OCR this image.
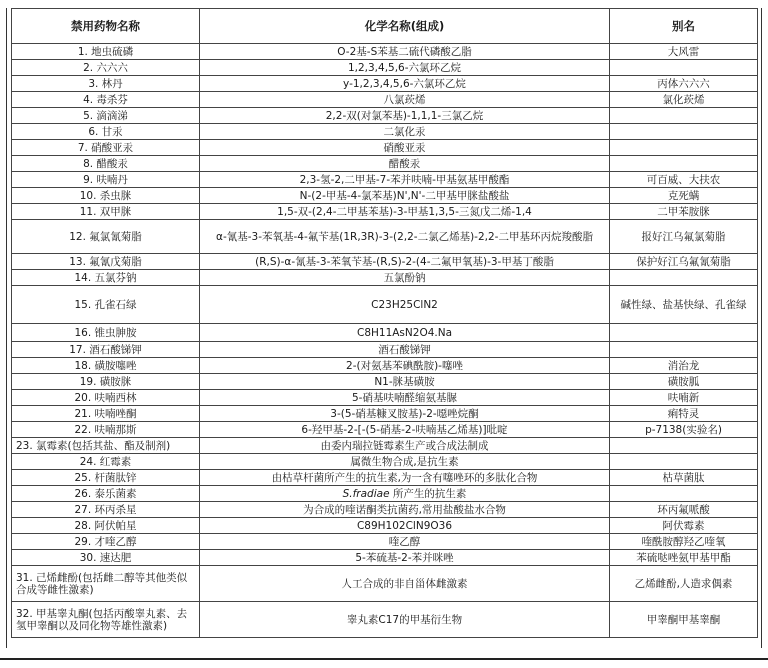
禁用药物名称	化学名称(组成)	别名
1. 地虫硫磷	O-2基-S苯基二硫代磷酸乙脂	大风雷
2. 六六六	1,2,3,4,5,6-六氯环乙烷	
3. 林丹	y-1,2,3,4,5,6-六氯环乙烷	丙体六六六
4. 毒杀芬	八氯莰烯	氯化莰烯
5. 滴滴涕	2,2-双(对氯苯基)-1,1,1-三氯乙烷	
6. 甘汞	二氯化汞	
7. 硝酸亚汞	硝酸亚汞	
8. 醋酸汞	醋酸汞	
9. 呋喃丹	2,3-氢-2,二甲基-7-苯并呋喃-甲基氨基甲酸酯	可百威、大扶农
10. 杀虫脒	N-(2-甲基-4-氯苯基)N',N'-二甲基甲脒盐酸盐	克死螨
11. 双甲脒	1,5-双-(2,4-二甲基苯基)-3-甲基1,3,5-三氮戊二烯-1,4	二甲苯胺脒
12. 氟氯氰菊脂	α-氰基-3-苯氧基-4-氟苄基(1R,3R)-3-(2,2-二氯乙烯基)-2,2-二甲基环丙烷羧酸脂	报好江乌氟氯菊脂
13. 氟氰戊菊脂	(R,S)-α-氰基-3-苯氧苄基-(R,S)-2-(4-二氟甲氧基)-3-甲基丁酸脂	保护好江乌氟氰菊脂
14. 五氯芬钠	五氯酚钠	
15. 孔雀石绿	C23H25ClN2	碱性绿、盐基快绿、孔雀绿
16. 锥虫胂胺	C8H11AsN2O4.Na	
17. 酒石酸锑钾	酒石酸锑钾	
18. 磺胺噻唑	2-(对氨基苯碘酰胺)-噻唑	消治龙
19. 磺胺脒	N1-脒基磺胺	磺胺胍
20. 呋喃西林	5-硝基呋喃醛缩氨基脲	呋喃新
21. 呋喃唑酮	3-(5-硝基糠叉胺基)-2-噁唑烷酮	痢特灵
22. 呋喃那斯	6-羟甲基-2-[-(5-硝基-2-呋喃基乙烯基)]吡啶	p-7138(实验名)
23. 氯霉素(包括其盐、酯及制剂)	由委内瑞拉链霉素生产或合成法制成	
24. 红霉素	属微生物合成,是抗生素	
25. 杆菌肽锌	由枯草杆菌所产生的抗生素,为一含有噻唑环的多肽化合物	枯草菌肽
26. 泰乐菌素	S.fradiae 所产生的抗生素	
27. 环丙杀星	为合成的喹诺酮类抗菌药,常用盐酸盐水合物	环丙氟哌酸
28. 阿伏帕星	C89H102ClN9O36	阿伏霉素
29. 才喹乙醇	喹乙醇	喹酰胺醇羟乙喹氧
30. 速达肥	5-苯硫基-2-苯并咪唑	苯硫哒唑氨甲基甲酯
31. 己烯雌酚(包括雌二醇等其他类似合成等雌性激素)	人工合成的非自甾体雌激素	乙烯雌酚,人造求偶素
32. 甲基睾丸酮(包括丙酸睾丸素、去氢甲睾酮以及同化物等雄性激素)	睾丸素C17的甲基衍生物	甲睾酮甲基睾酮
